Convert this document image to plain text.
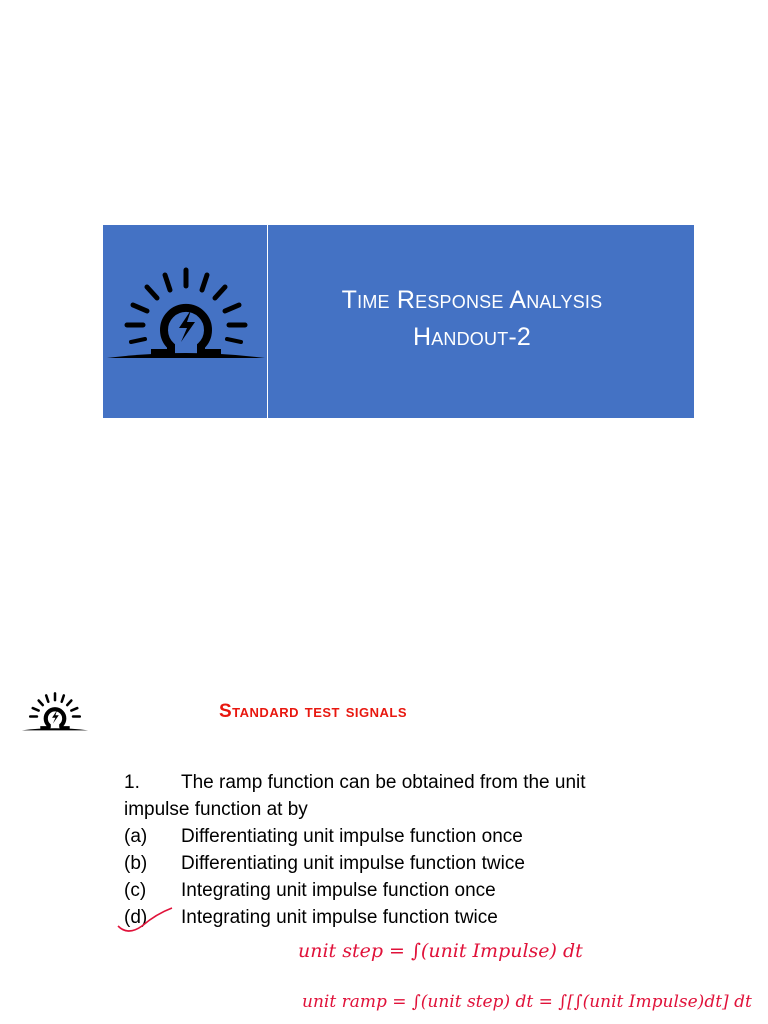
Time Response Analysis
Handout-2
Standard test signals
1. The ramp function can be obtained from the unit
impulse function at by
(a) Differentiating unit impulse function once
(b) Differentiating unit impulse function twice
(c) Integrating unit impulse function once
(d) Integrating unit impulse function twice
unit step = ∫(unit Impulse) dt
unit ramp = ∫(unit step) dt = ∫[∫(unit Impulse)dt] dt
